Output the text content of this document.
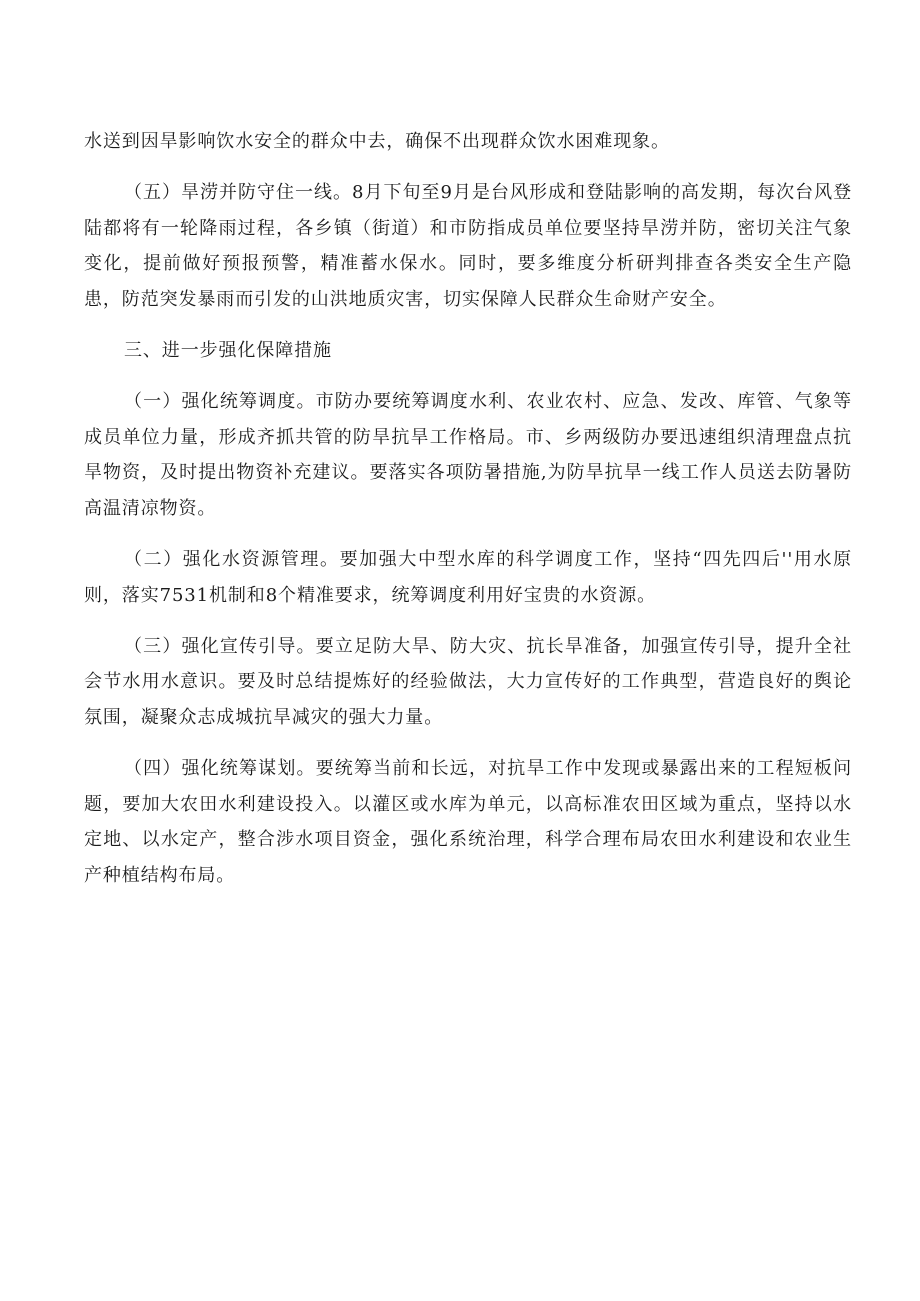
水送到因旱影响饮水安全的群众中去，确保不出现群众饮水困难现象。

（五）旱涝并防守住一线。8月下旬至9月是台风形成和登陆影响的高发期，每次台风登陆都将有一轮降雨过程，各乡镇（街道）和市防指成员单位要坚持旱涝并防，密切关注气象变化，提前做好预报预警，精准蓄水保水。同时，要多维度分析研判排查各类安全生产隐患，防范突发暴雨而引发的山洪地质灾害，切实保障人民群众生命财产安全。

三、进一步强化保障措施

（一）强化统筹调度。市防办要统筹调度水利、农业农村、应急、发改、库管、气象等成员单位力量，形成齐抓共管的防旱抗旱工作格局。市、乡两级防办要迅速组织清理盘点抗旱物资，及时提出物资补充建议。要落实各项防暑措施,为防旱抗旱一线工作人员送去防暑防高温清凉物资。

（二）强化水资源管理。要加强大中型水库的科学调度工作，坚持“四先四后''用水原则，落实7531机制和8个精准要求，统筹调度利用好宝贵的水资源。

（三）强化宣传引导。要立足防大旱、防大灾、抗长旱准备，加强宣传引导，提升全社会节水用水意识。要及时总结提炼好的经验做法，大力宣传好的工作典型，营造良好的舆论氛围，凝聚众志成城抗旱减灾的强大力量。

（四）强化统筹谋划。要统筹当前和长远，对抗旱工作中发现或暴露出来的工程短板问题，要加大农田水利建设投入。以灌区或水库为单元，以高标准农田区域为重点，坚持以水定地、以水定产，整合涉水项目资金，强化系统治理，科学合理布局农田水利建设和农业生产种植结构布局。
